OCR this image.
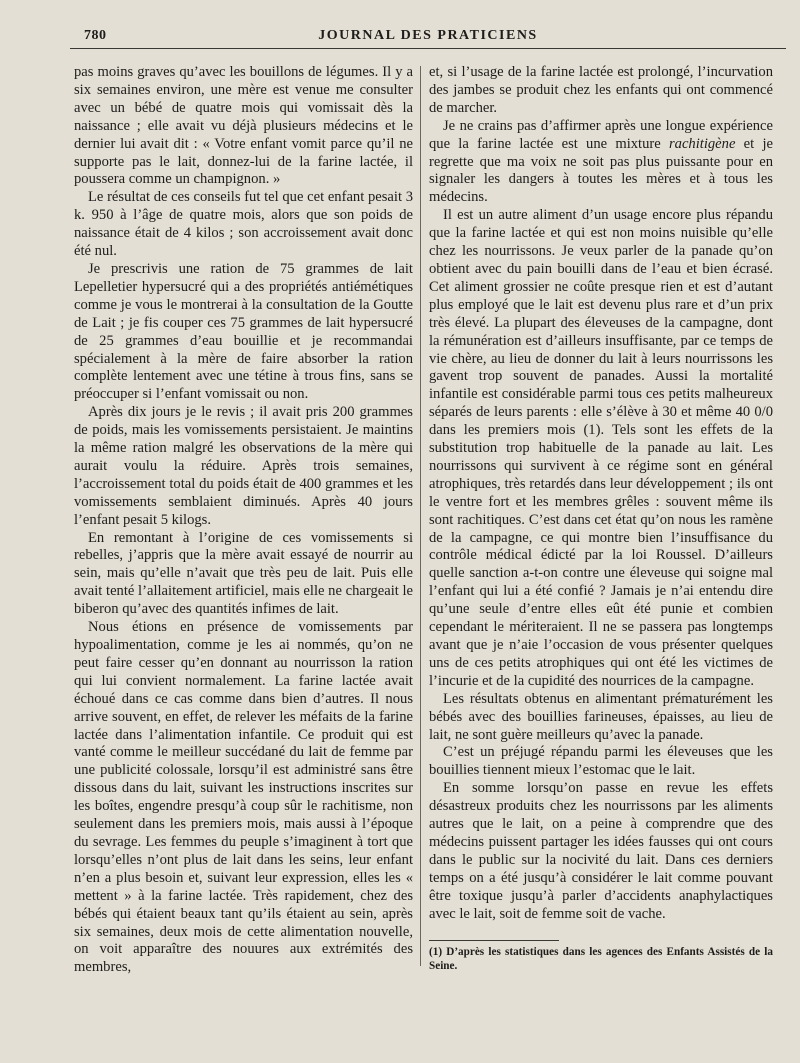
780	JOURNAL DES PRATICIENS

pas moins graves qu’avec les bouillons de légumes. Il y a six semaines environ, une mère est venue me consulter avec un bébé de quatre mois qui vomissait dès la naissance ; elle avait vu déjà plusieurs médecins et le dernier lui avait dit : « Votre enfant vomit parce qu’il ne supporte pas le lait, donnez-lui de la farine lactée, il poussera comme un champignon. »

Le résultat de ces conseils fut tel que cet enfant pesait 3 k. 950 à l’âge de quatre mois, alors que son poids de naissance était de 4 kilos ; son accroissement avait donc été nul.

Je prescrivis une ration de 75 grammes de lait Lepelletier hypersucré qui a des propriétés antiémétiques comme je vous le montrerai à la consultation de la Goutte de Lait ; je fis couper ces 75 grammes de lait hypersucré de 25 grammes d’eau bouillie et je recommandai spécialement à la mère de faire absorber la ration complète lentement avec une tétine à trous fins, sans se préoccuper si l’enfant vomissait ou non.

Après dix jours je le revis ; il avait pris 200 grammes de poids, mais les vomissements persistaient. Je maintins la même ration malgré les observations de la mère qui aurait voulu la réduire. Après trois semaines, l’accroissement total du poids était de 400 grammes et les vomissements semblaient diminués. Après 40 jours l’enfant pesait 5 kilogs.

En remontant à l’origine de ces vomissements si rebelles, j’appris que la mère avait essayé de nourrir au sein, mais qu’elle n’avait que très peu de lait. Puis elle avait tenté l’allaitement artificiel, mais elle ne chargeait le biberon qu’avec des quantités infimes de lait.

Nous étions en présence de vomissements par hypoalimentation, comme je les ai nommés, qu’on ne peut faire cesser qu’en donnant au nourrisson la ration qui lui convient normalement. La farine lactée avait échoué dans ce cas comme dans bien d’autres. Il nous arrive souvent, en effet, de relever les méfaits de la farine lactée dans l’alimentation infantile. Ce produit qui est vanté comme le meilleur succédané du lait de femme par une publicité colossale, lorsqu’il est administré sans être dissous dans du lait, suivant les instructions inscrites sur les boîtes, engendre presqu’à coup sûr le rachitisme, non seulement dans les premiers mois, mais aussi à l’époque du sevrage. Les femmes du peuple s’imaginent à tort que lorsqu’elles n’ont plus de lait dans les seins, leur enfant n’en a plus besoin et, suivant leur expression, elles les « mettent » à la farine lactée. Très rapidement, chez des bébés qui étaient beaux tant qu’ils étaient au sein, après six semaines, deux mois de cette alimentation nouvelle, on voit apparaître des nouures aux extrémités des membres,

et, si l’usage de la farine lactée est prolongé, l’incurvation des jambes se produit chez les enfants qui ont commencé de marcher.

Je ne crains pas d’affirmer après une longue expérience que la farine lactée est une mixture rachitigène et je regrette que ma voix ne soit pas plus puissante pour en signaler les dangers à toutes les mères et à tous les médecins.

Il est un autre aliment d’un usage encore plus répandu que la farine lactée et qui est non moins nuisible qu’elle chez les nourrissons. Je veux parler de la panade qu’on obtient avec du pain bouilli dans de l’eau et bien écrasé. Cet aliment grossier ne coûte presque rien et est d’autant plus employé que le lait est devenu plus rare et d’un prix très élevé. La plupart des éleveuses de la campagne, dont la rémunération est d’ailleurs insuffisante, par ce temps de vie chère, au lieu de donner du lait à leurs nourrissons les gavent trop souvent de panades. Aussi la mortalité infantile est considérable parmi tous ces petits malheureux séparés de leurs parents : elle s’élève à 30 et même 40 0/0 dans les premiers mois (1). Tels sont les effets de la substitution trop habituelle de la panade au lait. Les nourrissons qui survivent à ce régime sont en général atrophiques, très retardés dans leur développement ; ils ont le ventre fort et les membres grêles : souvent même ils sont rachitiques. C’est dans cet état qu’on nous les ramène de la campagne, ce qui montre bien l’insuffisance du contrôle médical édicté par la loi Roussel. D’ailleurs quelle sanction a-t-on contre une éleveuse qui soigne mal l’enfant qui lui a été confié ? Jamais je n’ai entendu dire qu’une seule d’entre elles eût été punie et combien cependant le mériteraient. Il ne se passera pas longtemps avant que je n’aie l’occasion de vous présenter quelques uns de ces petits atrophiques qui ont été les victimes de l’incurie et de la cupidité des nourrices de la campagne.

Les résultats obtenus en alimentant prématurément les bébés avec des bouillies farineuses, épaisses, au lieu de lait, ne sont guère meilleurs qu’avec la panade.

C’est un préjugé répandu parmi les éleveuses que les bouillies tiennent mieux l’estomac que le lait.

En somme lorsqu’on passe en revue les effets désastreux produits chez les nourrissons par les aliments autres que le lait, on a peine à comprendre que des médecins puissent partager les idées fausses qui ont cours dans le public sur la nocivité du lait. Dans ces derniers temps on a été jusqu’à considérer le lait comme pouvant être toxique jusqu’à parler d’accidents anaphylactiques avec le lait, soit de femme soit de vache.

(1) D’après les statistiques dans les agences des Enfants Assistés de la Seine.
